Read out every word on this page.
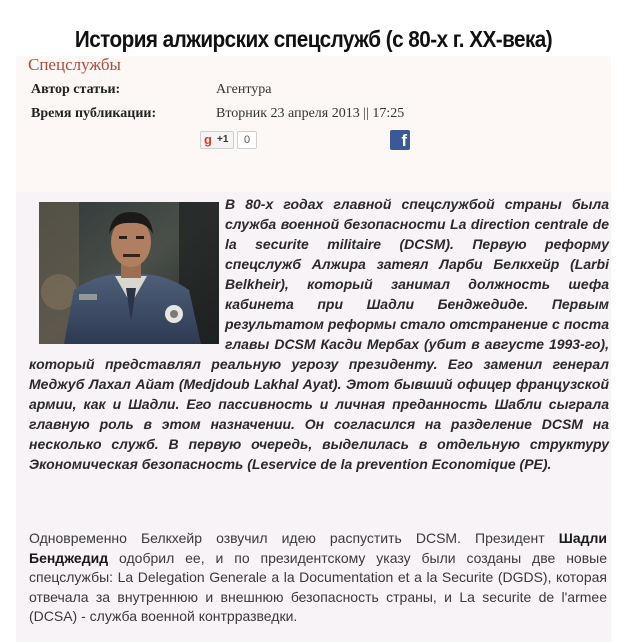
История алжирских спецслужб (с 80-х г. XX-века)
Спецслужбы
Автор статьи:	Агентура
Время публикации:	Вторник 23 апреля 2013 || 17:25
g +1	0	f
В 80-х годах главной спецслужбой страны была служба военной безопасности La direction centrale de la securite militaire (DCSM). Первую реформу спецслужб Алжира затеял Ларби Белкхейр (Larbi Belkheir), который занимал должность шефа кабинета при Шадли Бенджедиде. Первым результатом реформы стало отстранение с поста главы DCSM Касди Мербах (убит в августе 1993-го), который представлял реальную угрозу президенту. Его заменил генерал Меджуб Лахал Айат (Medjdoub Lakhal Ayat). Этот бывший офицер французской армии, как и Шадли. Его пассивность и личная преданность Шабли сыграла главную роль в этом назначении. Он согласился на разделение DCSM на несколько служб. В первую очередь, выделилась в отдельную структуру Экономическая безопасность (Leservice de la prevention Economique (PE).
Одновременно Белкхейр озвучил идею распустить DCSM. Президент Шадли Бенджедид одобрил ее, и по президентскому указу были созданы две новые спецслужбы: La Delegation Generale a la Documentation et a la Securite (DGDS), которая отвечала за внутреннюю и внешнюю безопасность страны, и La securite de l'armee (DCSA) - служба военной контрразведки.
